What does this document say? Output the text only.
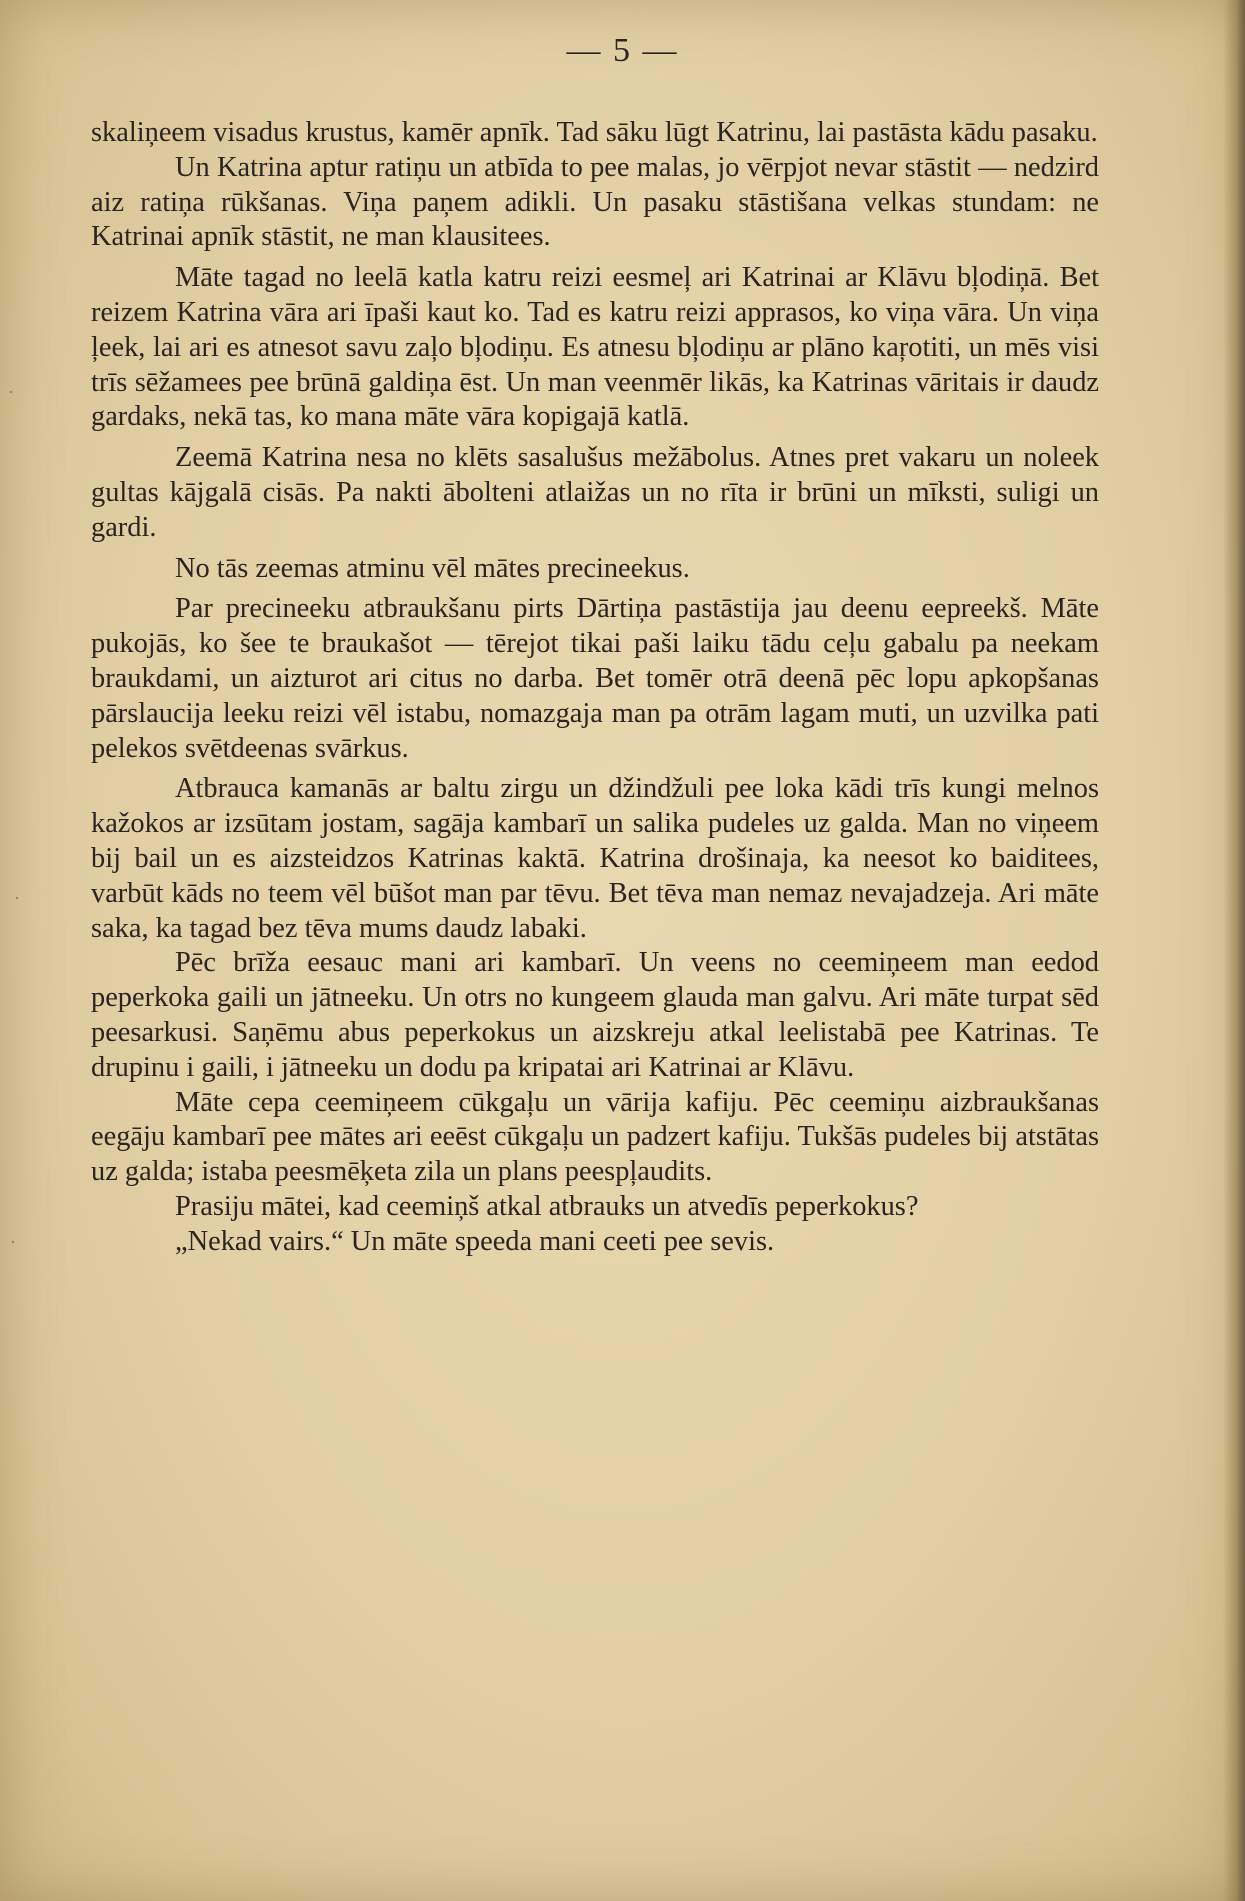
·
·
·
— 5 —

skaliņeem visadus krustus, kamēr apnīk. Tad sāku lūgt Katrinu, lai pastāsta kādu pasaku.

Un Katrina aptur ratiņu un atbīda to pee malas, jo vērpjot nevar stāstit — nedzird aiz ratiņa rūkšanas. Viņa paņem adikli. Un pasaku stāstišana velkas stundam: ne Katrinai apnīk stāstit, ne man klausitees.

Māte tagad no leelā katla katru reizi eesmeļ ari Katrinai ar Klāvu bļodiņā. Bet reizem Katrina vāra ari īpaši kaut ko. Tad es katru reizi apprasos, ko viņa vāra. Un viņa ļeek, lai ari es atnesot savu zaļo bļodiņu. Es atnesu bļodiņu ar plāno kaŗotiti, un mēs visi trīs sēžamees pee brūnā galdiņa ēst. Un man veenmēr likās, ka Katrinas vāritais ir daudz gardaks, nekā tas, ko mana māte vāra kopigajā katlā.

Zeemā Katrina nesa no klēts sasalušus mežābolus. Atnes pret vakaru un noleek gultas kājgalā cisās. Pa nakti ābolteni atlaižas un no rīta ir brūni un mīksti, suligi un gardi.

No tās zeemas atminu vēl mātes precineekus.

Par precineeku atbraukšanu pirts Dārtiņa pastāstija jau deenu eepreekš. Māte pukojās, ko šee te braukašot — tērejot tikai paši laiku tādu ceļu gabalu pa neekam braukdami, un aizturot ari citus no darba. Bet tomēr otrā deenā pēc lopu apkopšanas pārslaucija leeku reizi vēl istabu, nomazgaja man pa otrām lagam muti, un uzvilka pati pelekos svētdeenas svārkus.

Atbrauca kamanās ar baltu zirgu un džindžuli pee loka kādi trīs kungi melnos kažokos ar izsūtam jostam, sagāja kambarī un salika pudeles uz galda. Man no viņeem bij bail un es aizsteidzos Katrinas kaktā. Katrina drošinaja, ka neesot ko baiditees, varbūt kāds no teem vēl būšot man par tēvu. Bet tēva man nemaz nevajadzeja. Ari māte saka, ka tagad bez tēva mums daudz labaki.

Pēc brīža eesauc mani ari kambarī. Un veens no ceemiņeem man eedod peperkoka gaili un jātneeku. Un otrs no kungeem glauda man galvu. Ari māte turpat sēd peesarkusi. Saņēmu abus peperkokus un aizskreju atkal leelistabā pee Katrinas. Te drupinu i gaili, i jātneeku un dodu pa kripatai ari Katrinai ar Klāvu.

Māte cepa ceemiņeem cūkgaļu un vārija kafiju. Pēc ceemiņu aizbraukšanas eegāju kambarī pee mātes ari eeēst cūkgaļu un padzert kafiju. Tukšās pudeles bij atstātas uz galda; istaba peesmēķeta zila un plans peespļaudits.

Prasiju mātei, kad ceemiņš atkal atbrauks un atvedīs peperkokus?

„Nekad vairs.“ Un māte speeda mani ceeti pee sevis.
